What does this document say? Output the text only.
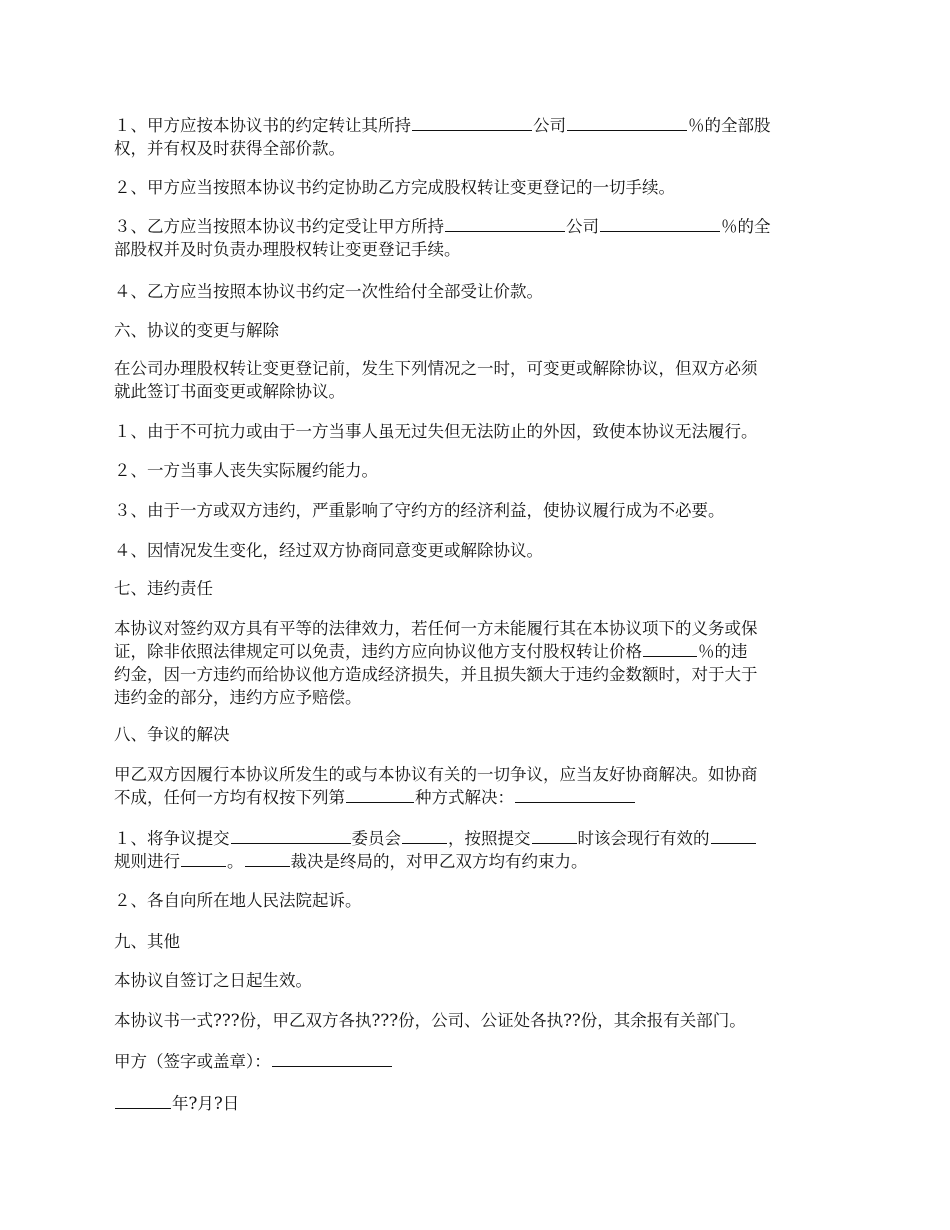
１、甲方应按本协议书的约定转让其所持	公司	％的全部股
权，并有权及时获得全部价款。
２、甲方应当按照本协议书约定协助乙方完成股权转让变更登记的一切手续。
３、乙方应当按照本协议书约定受让甲方所持	公司	％的全
部股权并及时负责办理股权转让变更登记手续。
４、乙方应当按照本协议书约定一次性给付全部受让价款。
六、协议的变更与解除
在公司办理股权转让变更登记前，发生下列情况之一时，可变更或解除协议，但双方必须
就此签订书面变更或解除协议。
１、由于不可抗力或由于一方当事人虽无过失但无法防止的外因，致使本协议无法履行。
２、一方当事人丧失实际履约能力。
３、由于一方或双方违约，严重影响了守约方的经济利益，使协议履行成为不必要。
４、因情况发生变化，经过双方协商同意变更或解除协议。
七、违约责任
本协议对签约双方具有平等的法律效力，若任何一方未能履行其在本协议项下的义务或保
证，除非依照法律规定可以免责，违约方应向协议他方支付股权转让价格	％的违
约金，因一方违约而给协议他方造成经济损失，并且损失额大于违约金数额时，对于大于
违约金的部分，违约方应予赔偿。
八、争议的解决
甲乙双方因履行本协议所发生的或与本协议有关的一切争议，应当友好协商解决。如协商
不成，任何一方均有权按下列第	种方式解决：
１、将争议提交	委员会	，按照提交	时该会现行有效的
规则进行	。	裁决是终局的，对甲乙双方均有约束力。
２、各自向所在地人民法院起诉。
九、其他
本协议自签订之日起生效。
本协议书一式???份，甲乙双方各执???份，公司、公证处各执??份，其余报有关部门。
甲方（签字或盖章）：
年?月?日
